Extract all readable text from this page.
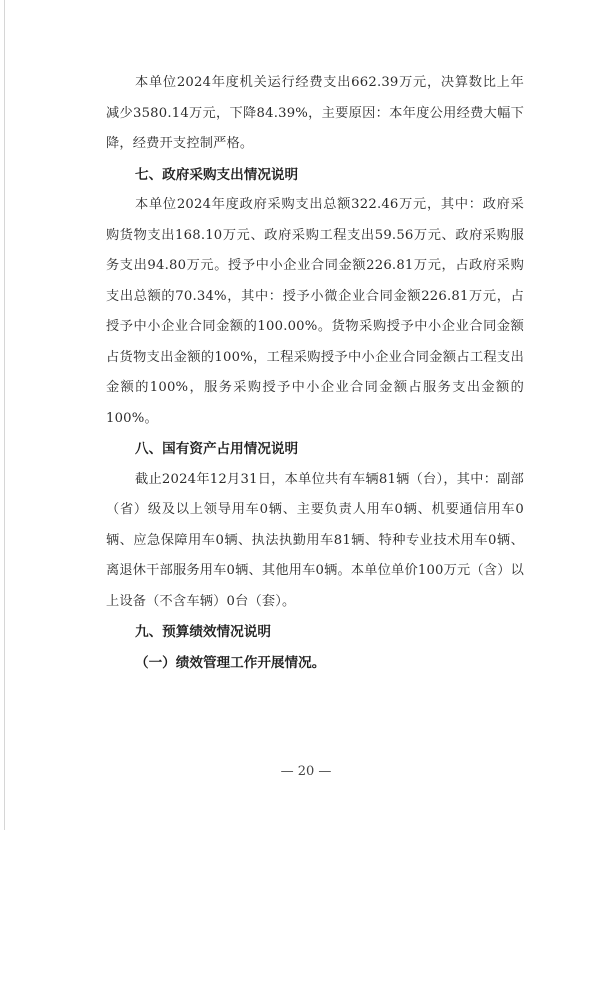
本单位2024年度机关运行经费支出662.39万元，决算数比上年减少3580.14万元，下降84.39%，主要原因：本年度公用经费大幅下降，经费开支控制严格。

七、政府采购支出情况说明

本单位2024年度政府采购支出总额322.46万元，其中：政府采购货物支出168.10万元、政府采购工程支出59.56万元、政府采购服务支出94.80万元。授予中小企业合同金额226.81万元，占政府采购支出总额的70.34%，其中：授予小微企业合同金额226.81万元，占授予中小企业合同金额的100.00%。货物采购授予中小企业合同金额占货物支出金额的100%，工程采购授予中小企业合同金额占工程支出金额的100%，服务采购授予中小企业合同金额占服务支出金额的100%。

八、国有资产占用情况说明

截止2024年12月31日，本单位共有车辆81辆（台），其中：副部（省）级及以上领导用车0辆、主要负责人用车0辆、机要通信用车0辆、应急保障用车0辆、执法执勤用车81辆、特种专业技术用车0辆、离退休干部服务用车0辆、其他用车0辆。本单位单价100万元（含）以上设备（不含车辆）0台（套）。

九、预算绩效情况说明

（一）绩效管理工作开展情况。

— 20 —
